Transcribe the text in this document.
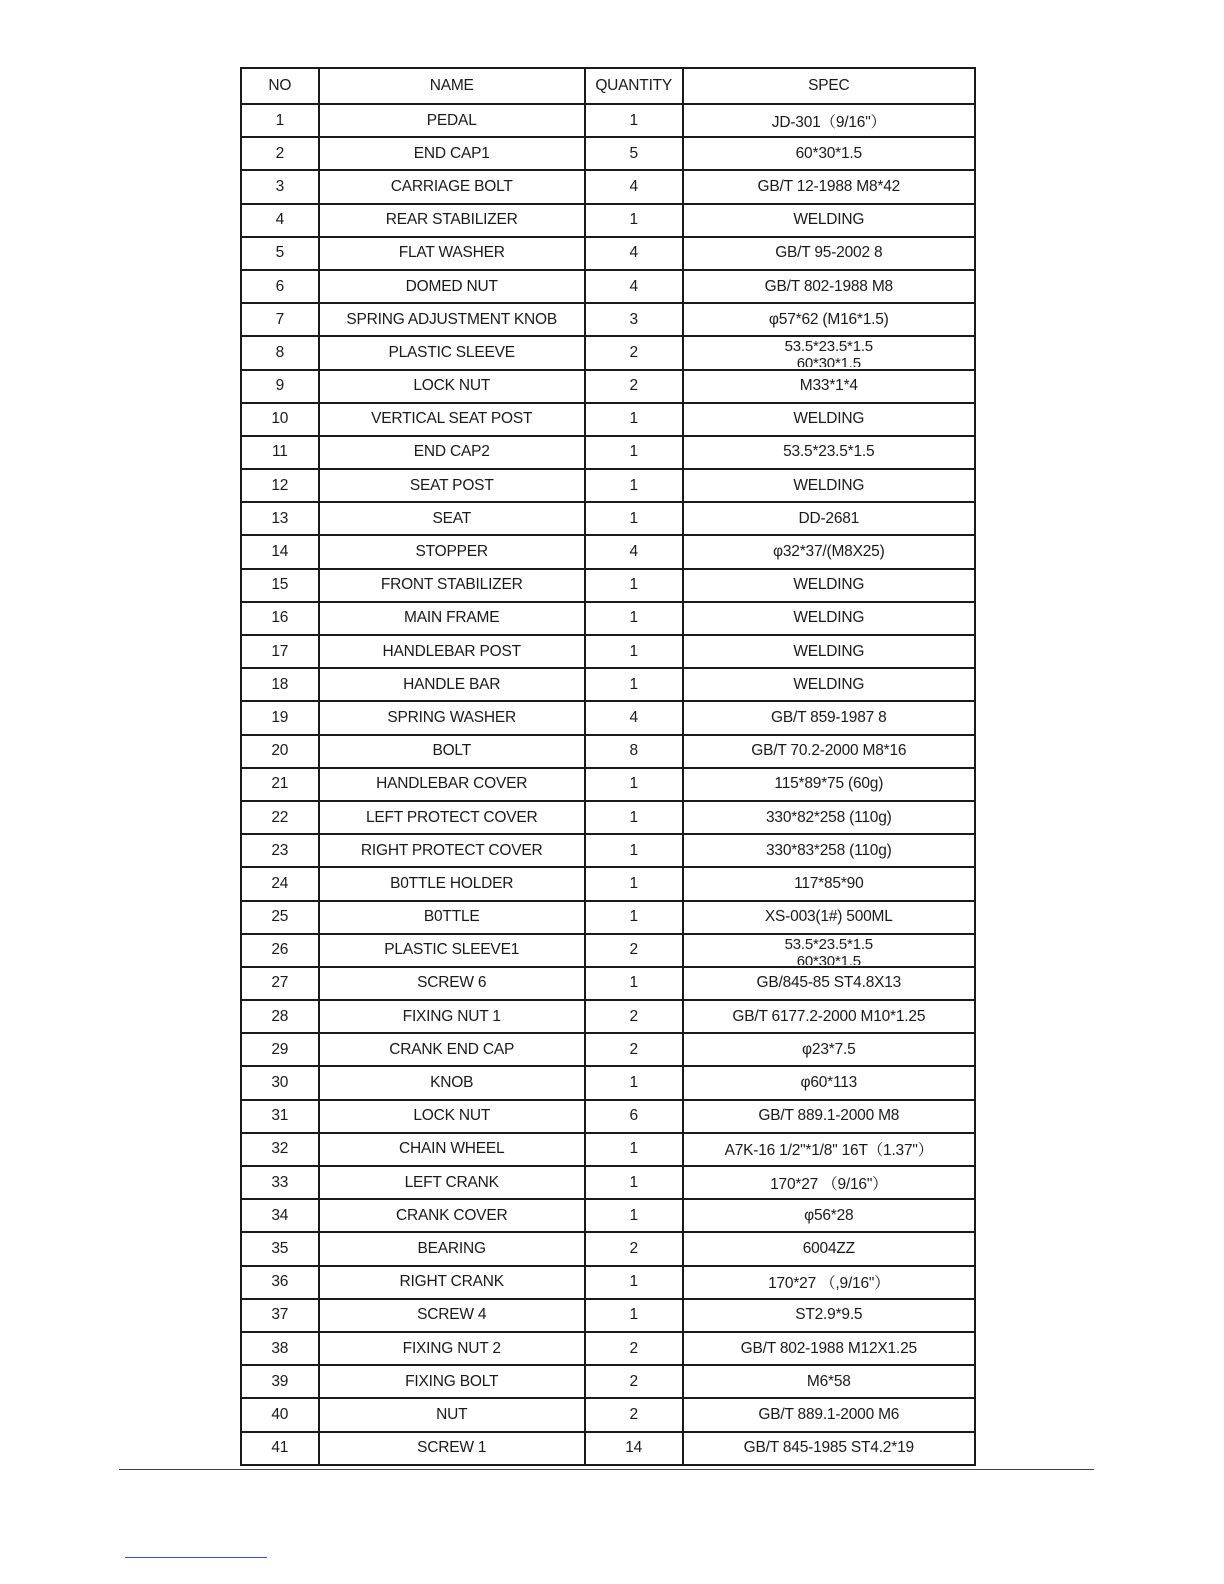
NO	NAME	QUANTITY	SPEC
1	PEDAL	1	JD-301（9/16"）
2	END CAP1	5	60*30*1.5
3	CARRIAGE BOLT	4	GB/T 12-1988 M8*42
4	REAR STABILIZER	1	WELDING
5	FLAT WASHER	4	GB/T 95-2002 8
6	DOMED NUT	4	GB/T 802-1988 M8
7	SPRING ADJUSTMENT KNOB	3	φ57*62 (M16*1.5)
8	PLASTIC SLEEVE	2	53.5*23.5*1.5
60*30*1.5

9	LOCK NUT	2	M33*1*4
10	VERTICAL SEAT POST	1	WELDING
11	END CAP2	1	53.5*23.5*1.5
12	SEAT POST	1	WELDING
13	SEAT	1	DD-2681
14	STOPPER	4	φ32*37/(M8X25)
15	FRONT STABILIZER	1	WELDING
16	MAIN FRAME	1	WELDING
17	HANDLEBAR POST	1	WELDING
18	HANDLE BAR	1	WELDING
19	SPRING WASHER	4	GB/T 859-1987 8
20	BOLT	8	GB/T 70.2-2000 M8*16
21	HANDLEBAR COVER	1	115*89*75 (60g)
22	LEFT PROTECT COVER	1	330*82*258 (110g)
23	RIGHT PROTECT COVER	1	330*83*258 (110g)
24	B0TTLE HOLDER	1	117*85*90
25	B0TTLE	1	XS-003(1#) 500ML
26	PLASTIC SLEEVE1	2	53.5*23.5*1.5
60*30*1.5

27	SCREW 6	1	GB/845-85 ST4.8X13
28	FIXING NUT 1	2	GB/T 6177.2-2000 M10*1.25
29	CRANK END CAP	2	φ23*7.5
30	KNOB	1	φ60*113
31	LOCK NUT	6	GB/T 889.1-2000 M8
32	CHAIN WHEEL	1	A7K-16 1/2"*1/8" 16T（1.37"）
33	LEFT CRANK	1	170*27 （9/16"）
34	CRANK COVER	1	φ56*28
35	BEARING	2	6004ZZ
36	RIGHT CRANK	1	170*27 （,9/16"）
37	SCREW 4	1	ST2.9*9.5
38	FIXING NUT 2	2	GB/T 802-1988 M12X1.25
39	FIXING BOLT	2	M6*58
40	NUT	2	GB/T 889.1-2000 M6
41	SCREW 1	14	GB/T 845-1985 ST4.2*19
